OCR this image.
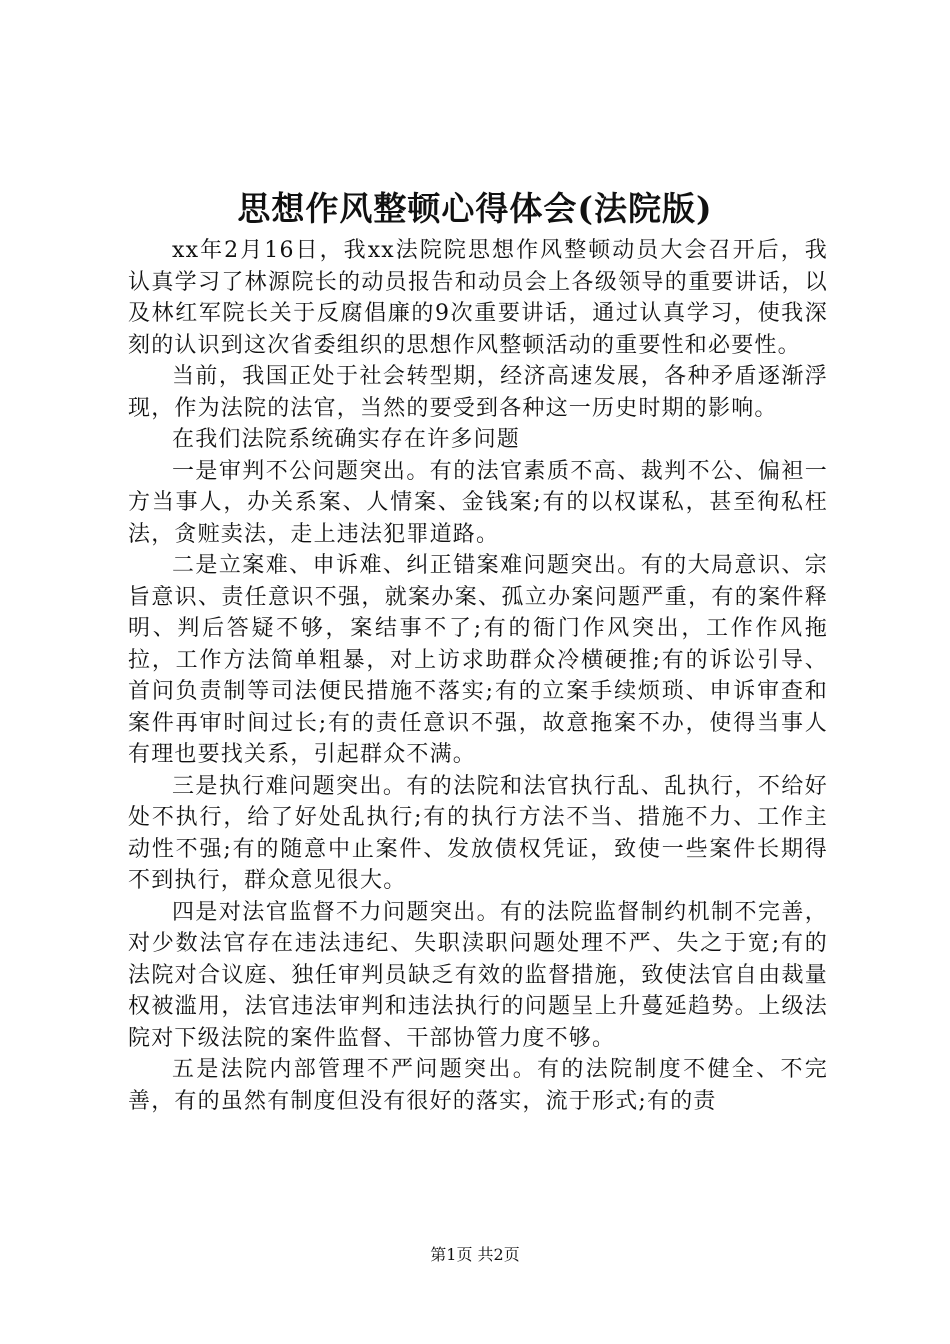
思想作风整顿心得体会(法院版)

xx年2月16日，我xx法院院思想作风整顿动员大会召开后，我认真学习了林源院长的动员报告和动员会上各级领导的重要讲话，以及林红军院长关于反腐倡廉的9次重要讲话，通过认真学习，使我深刻的认识到这次省委组织的思想作风整顿活动的重要性和必要性。

当前，我国正处于社会转型期，经济高速发展，各种矛盾逐渐浮现，作为法院的法官，当然的要受到各种这一历史时期的影响。

在我们法院系统确实存在许多问题

一是审判不公问题突出。有的法官素质不高、裁判不公、偏袒一方当事人，办关系案、人情案、金钱案;有的以权谋私，甚至徇私枉法，贪赃卖法，走上违法犯罪道路。

二是立案难、申诉难、纠正错案难问题突出。有的大局意识、宗旨意识、责任意识不强，就案办案、孤立办案问题严重，有的案件释明、判后答疑不够，案结事不了;有的衙门作风突出，工作作风拖拉，工作方法简单粗暴，对上访求助群众冷横硬推;有的诉讼引导、首问负责制等司法便民措施不落实;有的立案手续烦琐、申诉审查和案件再审时间过长;有的责任意识不强，故意拖案不办，使得当事人有理也要找关系，引起群众不满。

三是执行难问题突出。有的法院和法官执行乱、乱执行，不给好处不执行，给了好处乱执行;有的执行方法不当、措施不力、工作主动性不强;有的随意中止案件、发放债权凭证，致使一些案件长期得不到执行，群众意见很大。

四是对法官监督不力问题突出。有的法院监督制约机制不完善，对少数法官存在违法违纪、失职渎职问题处理不严、失之于宽;有的法院对合议庭、独任审判员缺乏有效的监督措施，致使法官自由裁量权被滥用，法官违法审判和违法执行的问题呈上升蔓延趋势。上级法院对下级法院的案件监督、干部协管力度不够。

五是法院内部管理不严问题突出。有的法院制度不健全、不完善，有的虽然有制度但没有很好的落实，流于形式;有的责

第1页 共2页
